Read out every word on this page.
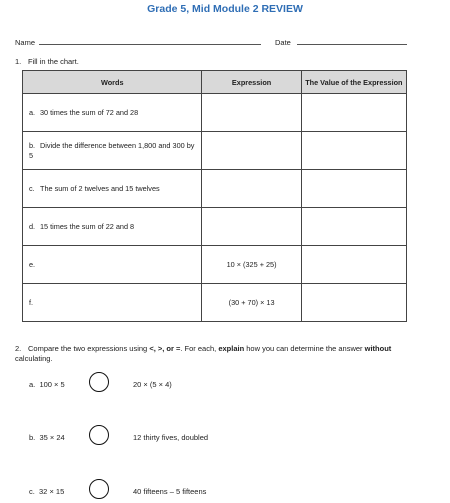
Grade 5, Mid Module 2 REVIEW
Name	Date
1. Fill in the chart.
Words	Expression	The Value of the Expression
a. 30 times the sum of 72 and 28		
b. Divide the difference between 1,800 and 300 by 5		
c. The sum of 2 twelves and 15 twelves		
d. 15 times the sum of 22 and 8		
e.	10 × (325 + 25)	
f.	(30 + 70) × 13	
2. Compare the two expressions using <, >, or =. For each, explain how you can determine the answer without calculating.
a. 100 × 5	20 × (5 × 4)
b. 35 × 24	12 thirty fives, doubled
c. 32 × 15	40 fifteens – 5 fifteens
